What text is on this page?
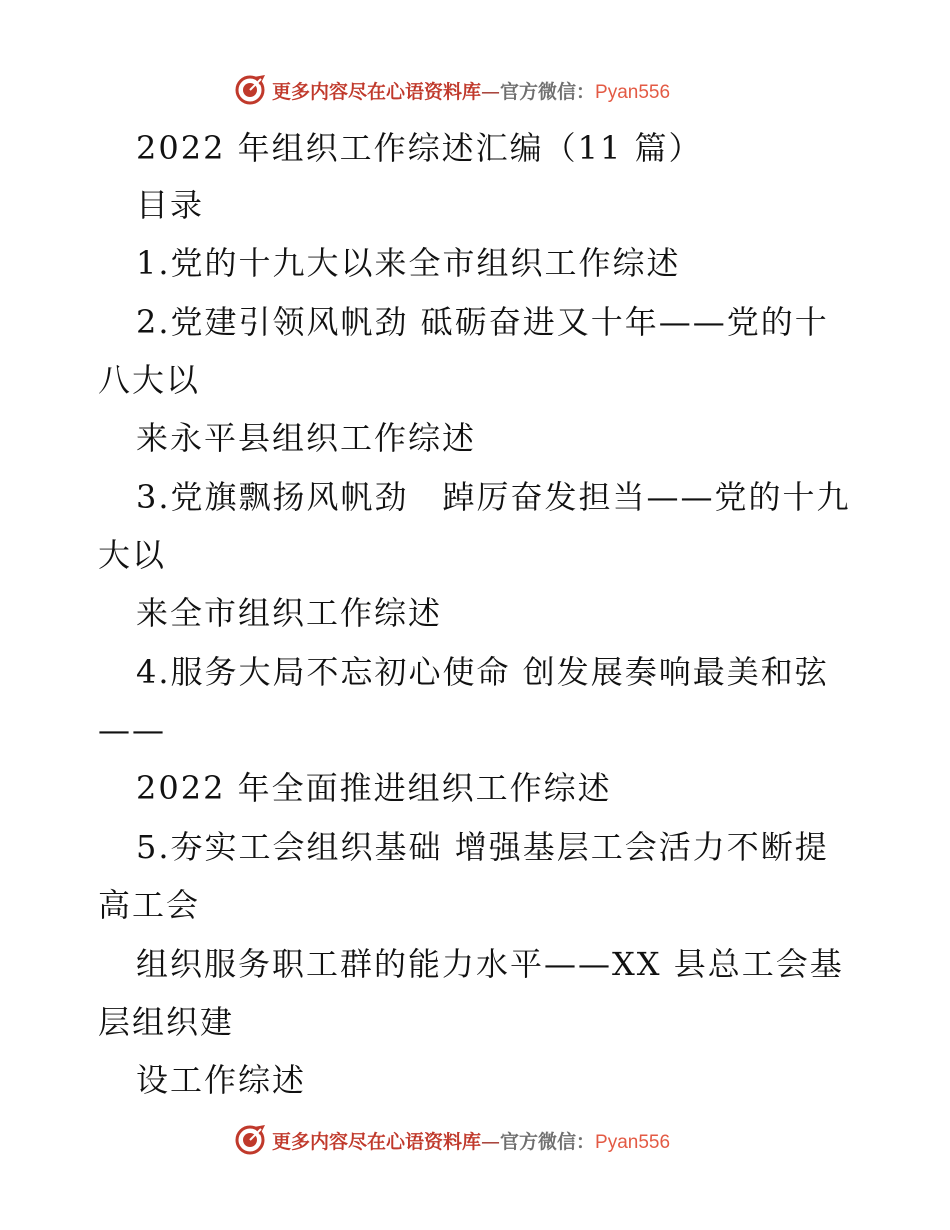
更多内容尽在心语资料库—官方微信：Pyan556
2022 年组织工作综述汇编（11 篇）
目录
1.党的十九大以来全市组织工作综述
2.党建引领风帆劲 砥砺奋进又十年——党的十
八大以
来永平县组织工作综述
3.党旗飘扬风帆劲　踔厉奋发担当——党的十九
大以
来全市组织工作综述
4.服务大局不忘初心使命 创发展奏响最美和弦
——
2022 年全面推进组织工作综述
5.夯实工会组织基础 增强基层工会活力不断提
高工会
组织服务职工群的能力水平——XX 县总工会基
层组织建
设工作综述
更多内容尽在心语资料库—官方微信：Pyan556
